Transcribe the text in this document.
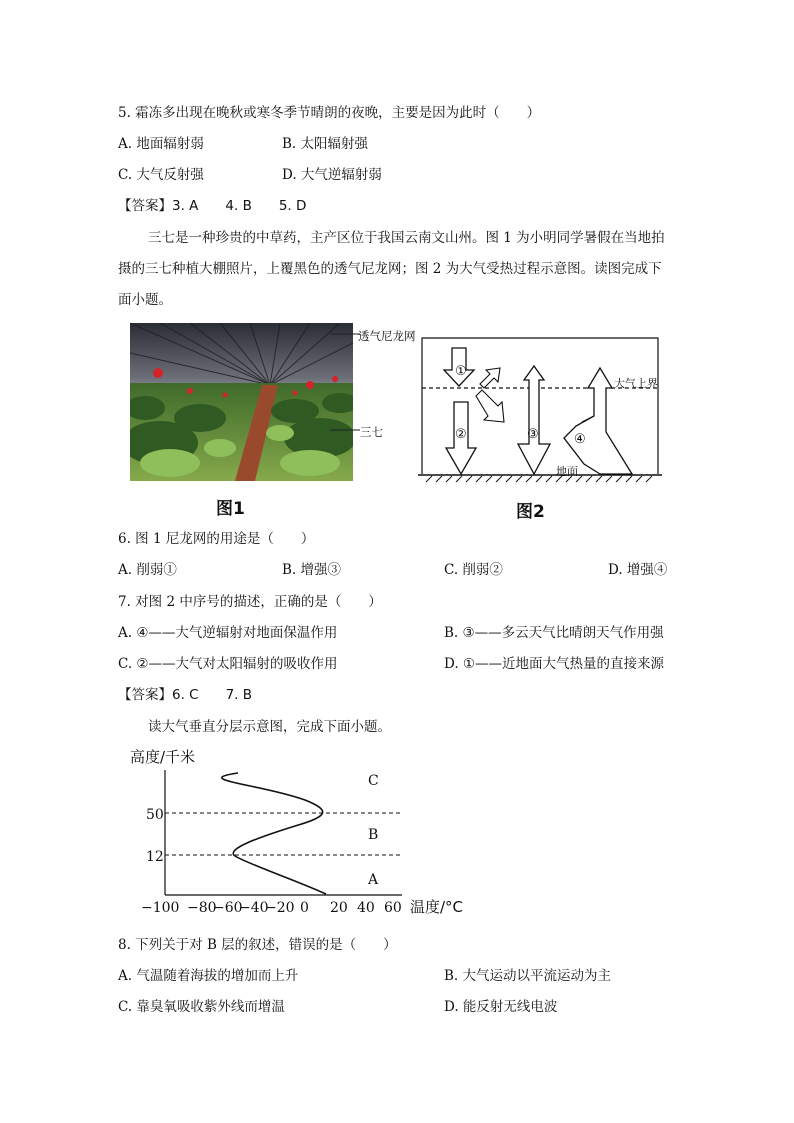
5. 霜冻多出现在晚秋或寒冬季节晴朗的夜晚，主要是因为此时（　　）
A. 地面辐射弱	B. 太阳辐射强
C. 大气反射强	D. 大气逆辐射弱
【答案】3. A　　4. B　　5. D
三七是一种珍贵的中草药，主产区位于我国云南文山州。图 1 为小明同学暑假在当地拍
摄的三七种植大棚照片，上覆黑色的透气尼龙网；图 2 为大气受热过程示意图。读图完成下
面小题。
透气尼龙网
三七
图1
①
②	③	④
大气上界
地面
图2
6. 图 1 尼龙网的用途是（　　）
A. 削弱①	B. 增强③	C. 削弱②	D. 增强④
7. 对图 2 中序号的描述，正确的是（　　）
A. ④——大气逆辐射对地面保温作用	B. ③——多云天气比晴朗天气作用强
C. ②——大气对太阳辐射的吸收作用	D. ①——近地面大气热量的直接来源
【答案】6. C　　7. B
读大气垂直分层示意图，完成下面小题。
高度/千米
50
12
C
B
A
−100 −80
−60
−40
−20 0 20 40 60 温度/°C
8. 下列关于对 B 层的叙述，错误的是（　　）
A. 气温随着海拔的增加而上升	B. 大气运动以平流运动为主
C. 靠臭氧吸收紫外线而增温	D. 能反射无线电波
